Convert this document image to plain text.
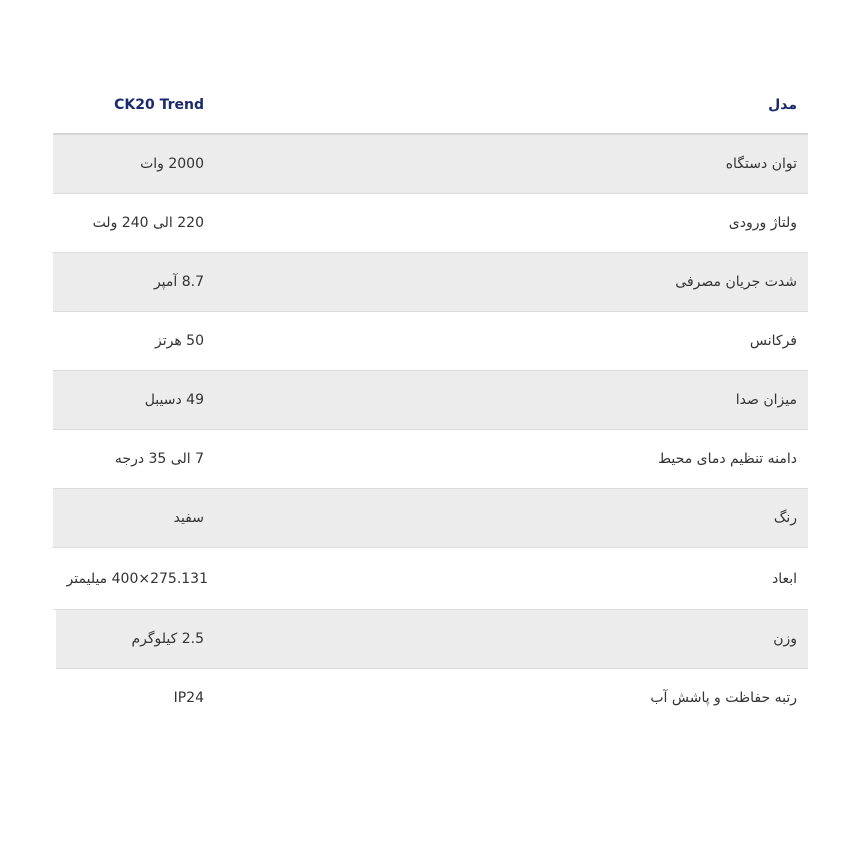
مدل
CK20 Trend
توان دستگاه
2000 وات
ولتاژ ورودی
220 الی 240 ولت
شدت جریان مصرفی
8.7 آمپر
فرکانس
50 هرتز
میزان صدا
49 دسیبل
دامنه تنظیم دمای محیط
7 الی 35 درجه
رنگ
سفید
ابعاد
275.131×400 میلیمتر
وزن
2.5 کیلوگرم
رتبه حفاظت و پاشش آب
IP24
